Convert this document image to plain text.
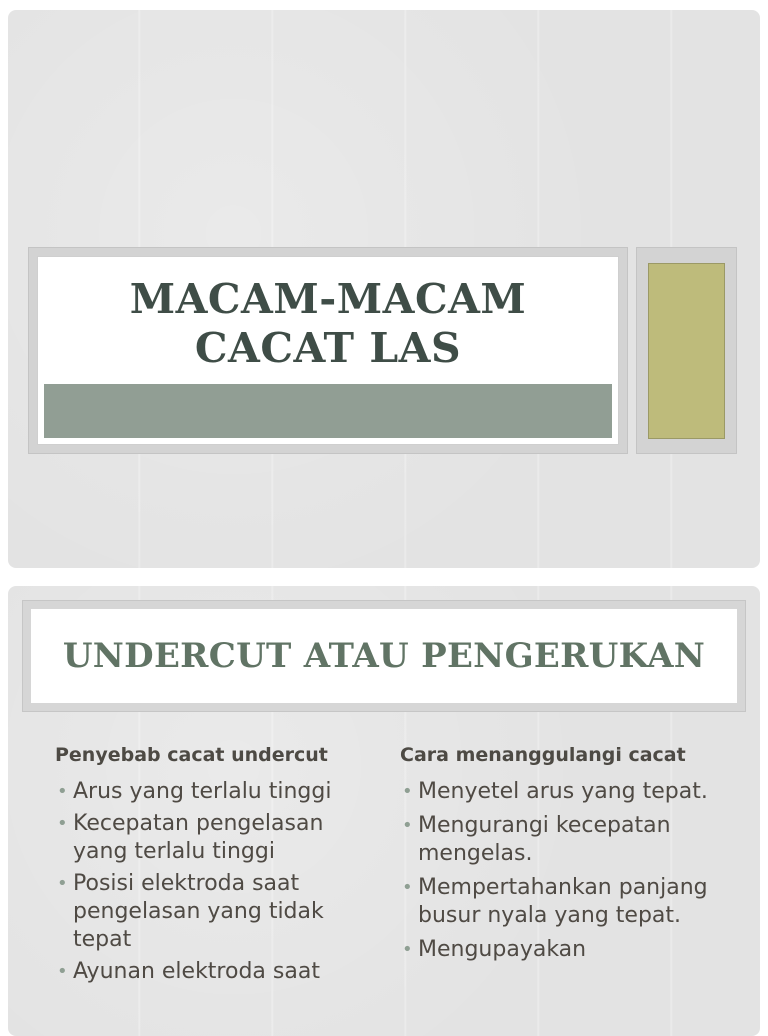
MACAM-MACAM CACAT LAS
UNDERCUT ATAU PENGERUKAN

Penyebab cacat undercut

• Arus yang terlalu tinggi
• Kecepatan pengelasan yang terlalu tinggi
• Posisi elektroda saat pengelasan yang tidak tepat
• Ayunan elektroda saat

Cara menanggulangi cacat

• Menyetel arus yang tepat.
• Mengurangi kecepatan mengelas.
• Mempertahankan panjang busur nyala yang tepat.
• Mengupayakan
